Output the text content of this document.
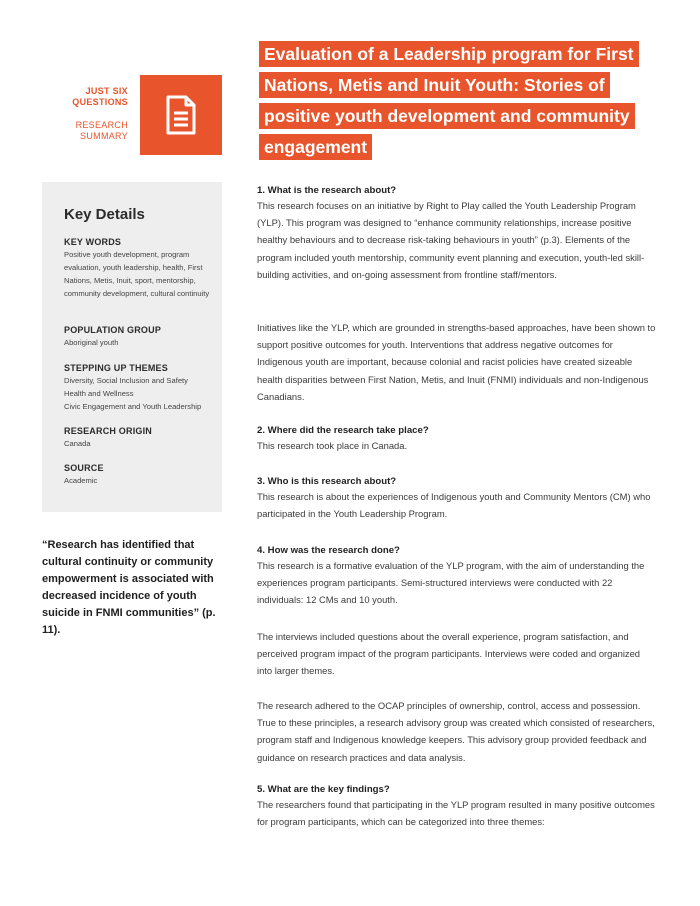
JUST SIX
QUESTIONS
RESEARCH
SUMMARY
Evaluation of a Leadership program for First
Nations, Metis and Inuit Youth: Stories of
positive youth development and community
engagement
Key Details
KEY WORDS
Positive youth development, program evaluation, youth leadership, health, First Nations, Metis, Inuit, sport, mentorship, community development, cultural continuity
POPULATION GROUP
Aboriginal youth
STEPPING UP THEMES
Diversity, Social Inclusion and Safety
Health and Wellness
Civic Engagement and Youth Leadership
RESEARCH ORIGIN
Canada
SOURCE
Academic
“Research has identified that cultural continuity or community empowerment is associated with decreased incidence of youth suicide in FNMI communities” (p. 11).
1. What is the research about?

This research focuses on an initiative by Right to Play called the Youth Leadership Program (YLP). This program was designed to “enhance community relationships, increase positive healthy behaviours and to decrease risk-taking behaviours in youth” (p.3). Elements of the program included youth mentorship, community event planning and execution, youth-led skill-building activities, and on-going assessment from frontline staff/mentors.

Initiatives like the YLP, which are grounded in strengths-based approaches, have been shown to support positive outcomes for youth. Interventions that address negative outcomes for Indigenous youth are important, because colonial and racist policies have created sizeable health disparities between First Nation, Metis, and Inuit (FNMI) individuals and non-Indigenous Canadians.

2. Where did the research take place?

This research took place in Canada.

3. Who is this research about?

This research is about the experiences of Indigenous youth and Community Mentors (CM) who participated in the Youth Leadership Program.

4. How was the research done?

This research is a formative evaluation of the YLP program, with the aim of understanding the experiences program participants. Semi-structured interviews were conducted with 22 individuals: 12 CMs and 10 youth.

The interviews included questions about the overall experience, program satisfaction, and perceived program impact of the program participants. Interviews were coded and organized into larger themes.

The research adhered to the OCAP principles of ownership, control, access and possession. True to these principles, a research advisory group was created which consisted of researchers, program staff and Indigenous knowledge keepers. This advisory group provided feedback and guidance on research practices and data analysis.

5. What are the key findings?

The researchers found that participating in the YLP program resulted in many positive outcomes for program participants, which can be categorized into three themes:
